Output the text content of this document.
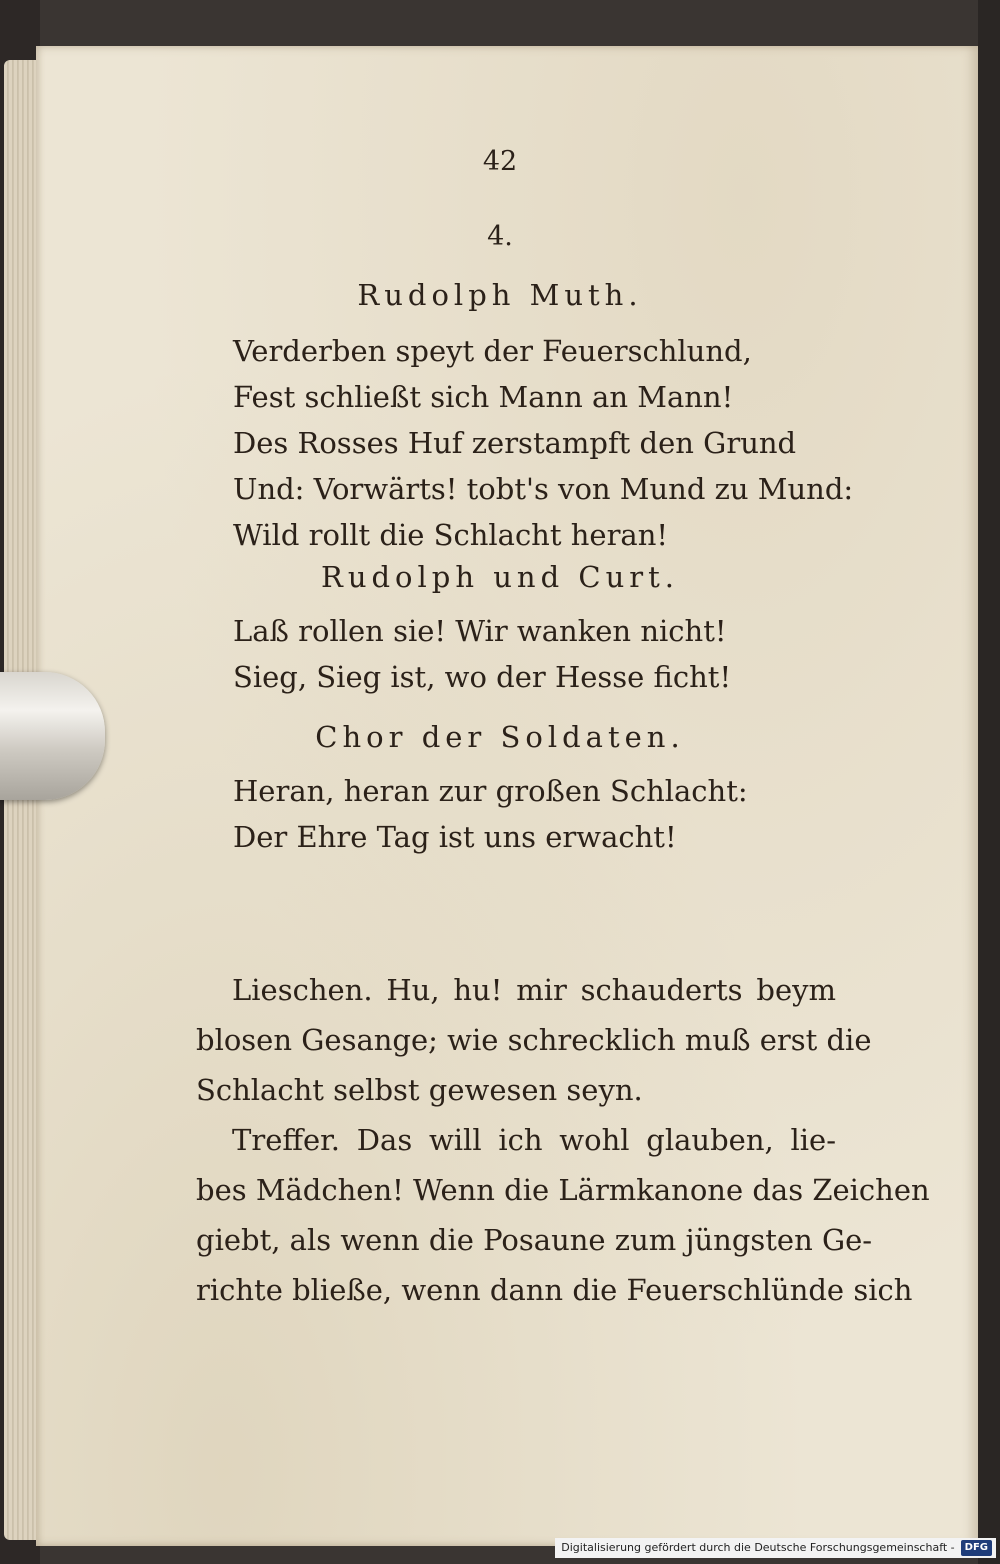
42
4.
Rudolph Muth.
Verderben speyt der Feuerschlund,
Fest schließt sich Mann an Mann!
Des Rosses Huf zerstampft den Grund
Und: Vorwärts! tobt's von Mund zu Mund:
Wild rollt die Schlacht heran!
Rudolph und Curt.
Laß rollen sie! Wir wanken nicht!
Sieg, Sieg ist, wo der Hesse ficht!
Chor der Soldaten.
Heran, heran zur großen Schlacht:
Der Ehre Tag ist uns erwacht!
Lieschen. Hu, hu! mir schauderts beym
blosen Gesange; wie schrecklich muß erst die
Schlacht selbst gewesen seyn.
Treffer. Das will ich wohl glauben, lie-
bes Mädchen! Wenn die Lärmkanone das Zeichen
giebt, als wenn die Posaune zum jüngsten Ge-
richte bließe, wenn dann die Feuerschlünde sich
Digitalisierung gefördert durch die Deutsche Forschungsgemeinschaft -	DFG
